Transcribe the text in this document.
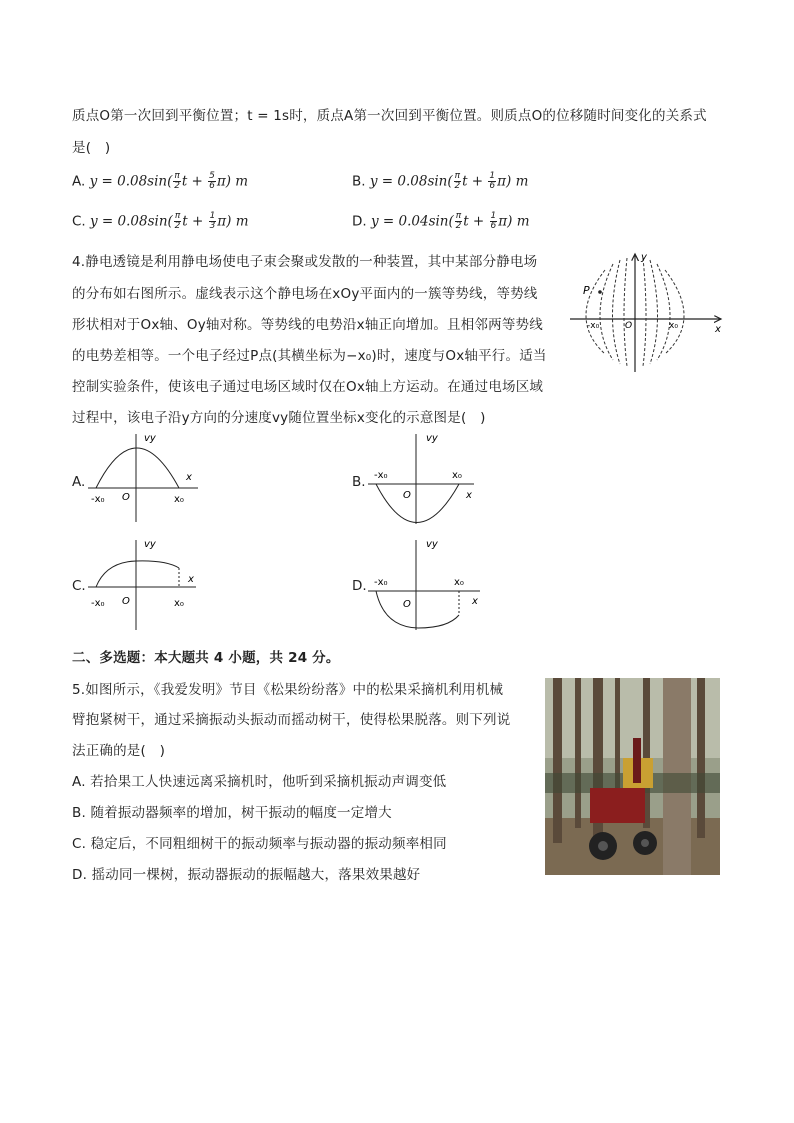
质点O第一次回到平衡位置；t = 1s时，质点A第一次回到平衡位置。则质点O的位移随时间变化的关系式
是(　)
A. $y = 0.08\sin( \frac{\pi}{2}$ $t + \frac{5}{6} \pi$) m	B. $y = 0.08\sin( \frac{\pi}{2}$ $t + \frac{1}{6} \pi$) m
C. $y = 0.08\sin( \frac{\pi}{2}$ $t + \frac{1}{3} \pi$) m	D. $y = 0.04\sin( \frac{\pi}{2}$ $t + \frac{1}{6} \pi$) m
4.静电透镜是利用静电场使电子束会聚或发散的一种装置，其中某部分静电场
的分布如右图所示。虚线表示这个静电场在xOy平面内的一簇等势线，等势线
形状相对于Ox轴、Oy轴对称。等势线的电势沿x轴正向增加。且相邻两等势线
的电势差相等。一个电子经过P点(其横坐标为−x₀)时，速度与Ox轴平行。适当
控制实验条件，使该电子通过电场区域时仅在Ox轴上方运动。在通过电场区域
过程中，该电子沿y方向的分速度vy随位置坐标x变化的示意图是(　)
P
y
x
-x₀	O	x₀
A.
vy
x
-x₀ O	x₀
B.
vy
x
-x₀
O
x₀
C.
vy
x
-x₀ O	x₀
D.
vy
x
-x₀
O
x₀
二、多选题：本大题共 4 小题，共 24 分。
5.如图所示，《我爱发明》节目《松果纷纷落》中的松果采摘机利用机械
臂抱紧树干，通过采摘振动头振动而摇动树干，使得松果脱落。则下列说
法正确的是(　)
A. 若拾果工人快速远离采摘机时，他听到采摘机振动声调变低
B. 随着振动器频率的增加，树干振动的幅度一定增大
C. 稳定后，不同粗细树干的振动频率与振动器的振动频率相同
D. 摇动同一棵树，振动器振动的振幅越大，落果效果越好
